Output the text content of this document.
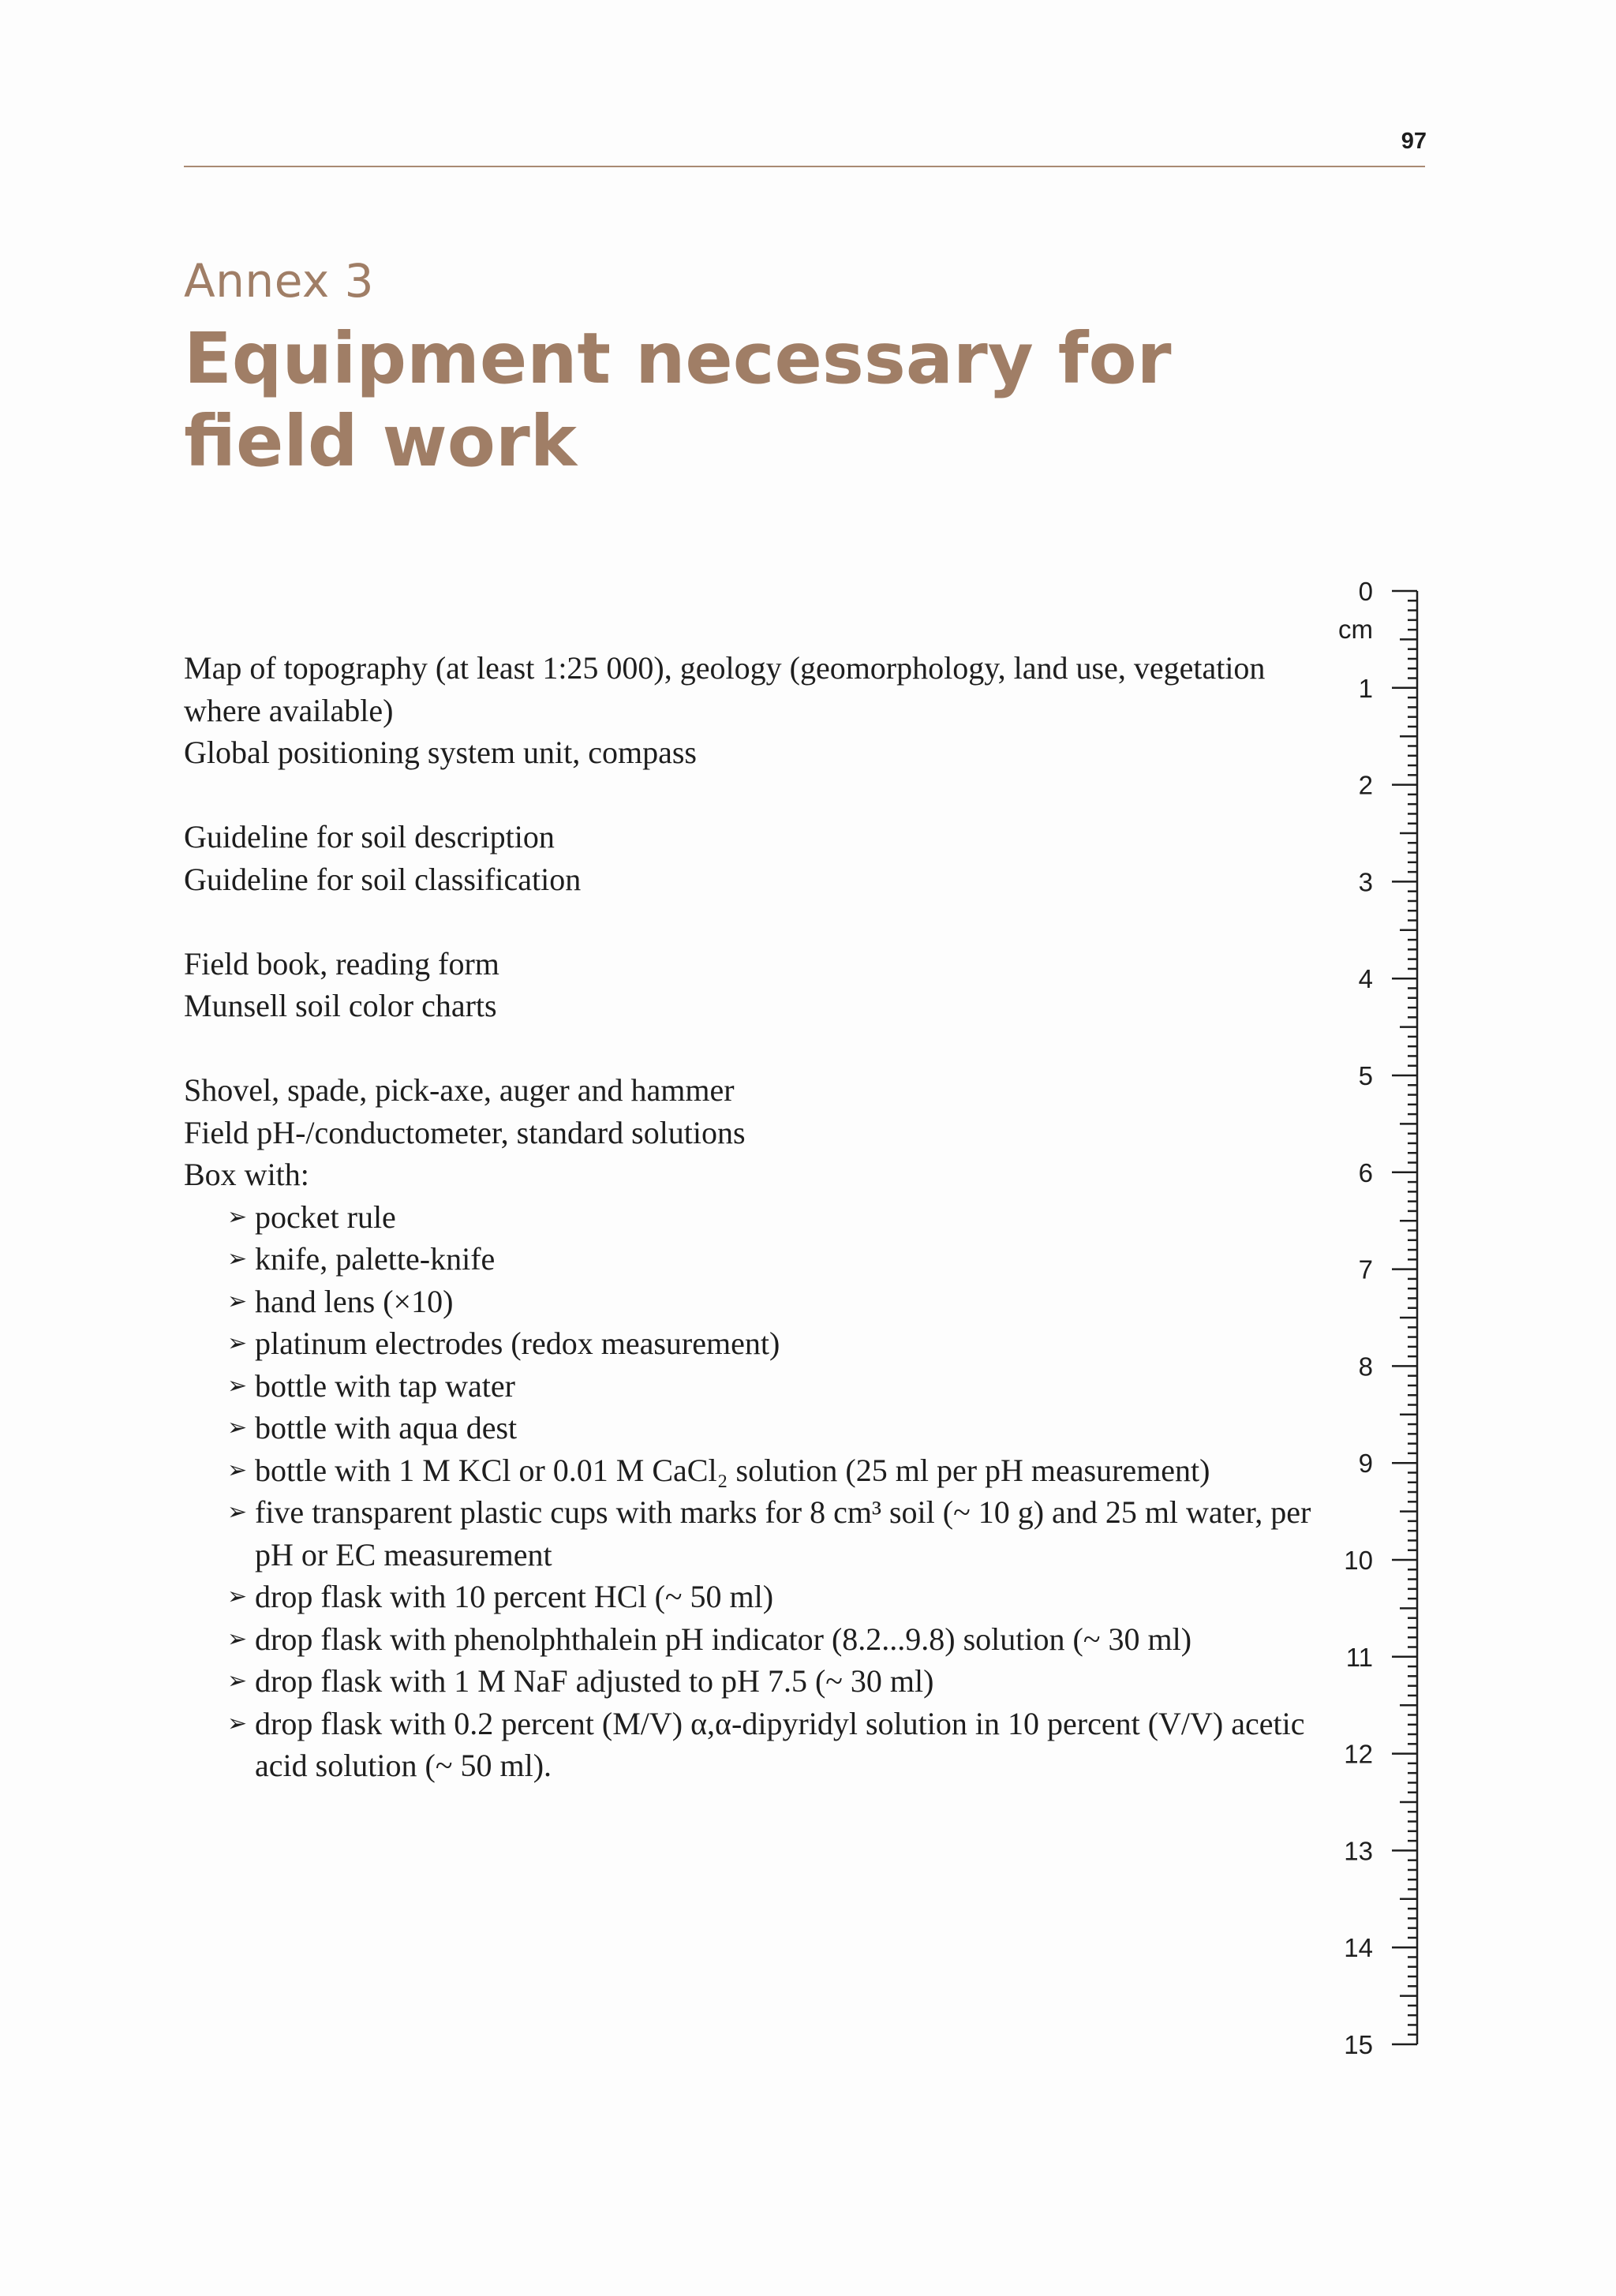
97
Annex 3
Equipment necessary for field work

Map of topography (at least 1:25 000), geology (geomorphology, land use, vegetation where available)

Global positioning system unit, compass

Guideline for soil description

Guideline for soil classification

Field book, reading form

Munsell soil color charts

Shovel, spade, pick-axe, auger and hammer

Field pH-/conductometer, standard solutions

Box with:

➢ pocket rule
➢ knife, palette-knife
➢ hand lens (×10)
➢ platinum electrodes (redox measurement)
➢ bottle with tap water
➢ bottle with aqua dest
➢ bottle with 1 M KCl or 0.01 M CaCl₂ solution (25 ml per pH measurement)
➢ five transparent plastic cups with marks for 8 cm³ soil (~ 10 g) and 25 ml water, per pH or EC measurement
➢ drop flask with 10 percent HCl (~ 50 ml)
➢ drop flask with phenolphthalein pH indicator (8.2...9.8) solution (~ 30 ml)
➢ drop flask with 1 M NaF adjusted to pH 7.5 (~ 30 ml)
➢ drop flask with 0.2 percent (M/V) α,α-dipyridyl solution in 10 percent (V/V) acetic acid solution (~ 50 ml).
0
1
2
3
4
5
6
7
8
9
10
11
12
13
14
15
cm
